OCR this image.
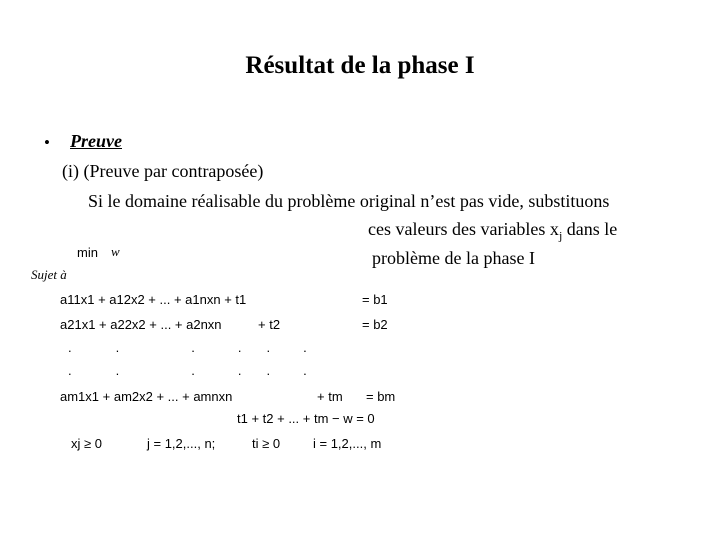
Résultat de la phase I
• Preuve
(i) (Preuve par contraposée)
Si le domaine réalisable du problème original n’est pas vide, substituons
ces valeurs des variables $x_j$ dans le
problème de la phase I
min w
Sujet à
a11x1 + a12x2 + ... + a1nxn + t1	= b1
a21x1 + a22x2 + ... + a2nxn	+ t2	= b2
.	.	.	. .	.
.	.	.	. .	.
am1x1 + am2x2 + ... + amnxn	+ tm = bm
t1 + t2 + ... + tm − w = 0
xj ≥ 0	j = 1,2,..., n;	ti ≥ 0	i = 1,2,..., m
